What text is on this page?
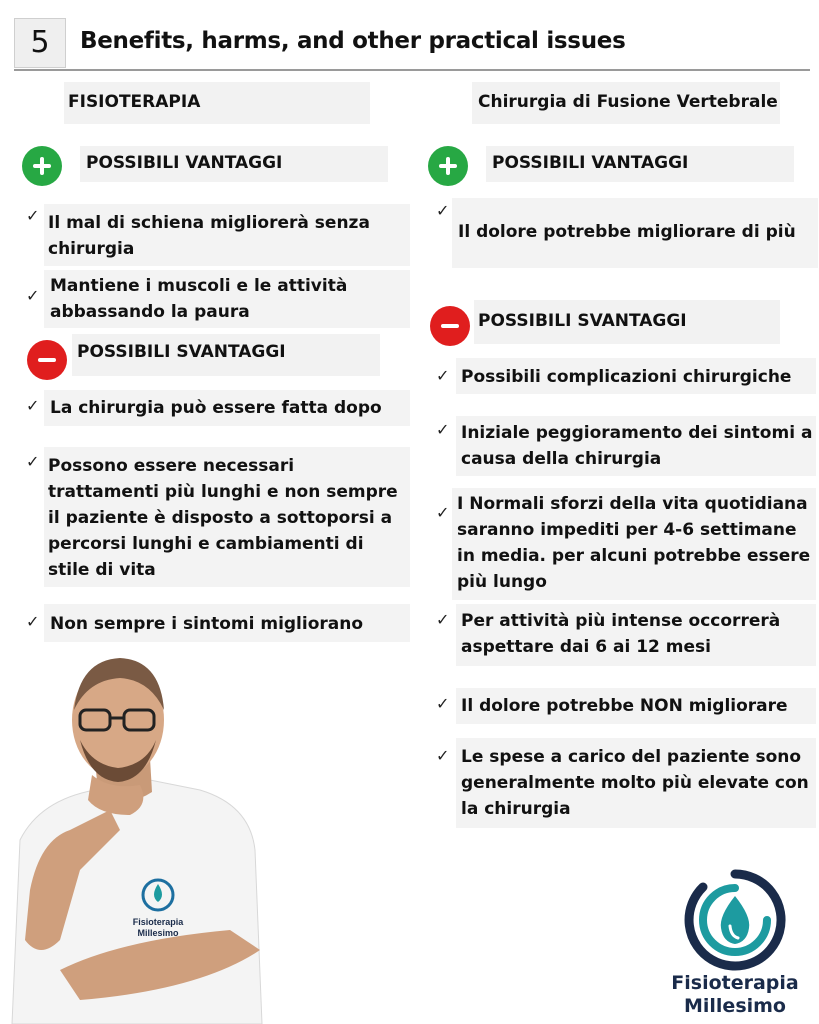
5	Benefits, harms, and other practical issues
FISIOTERAPIA
POSSIBILI VANTAGGI
✓ Il mal di schiena migliorerà senza chirurgia
✓ Mantiene i muscoli e le attività abbassando la paura
POSSIBILI SVANTAGGI
✓ La chirurgia può essere fatta dopo
✓ Possono essere necessari trattamenti più lunghi e non sempre il paziente è disposto a sottoporsi a percorsi lunghi e cambiamenti di stile di vita
✓ Non sempre i sintomi migliorano
Chirurgia di Fusione Vertebrale
POSSIBILI VANTAGGI
✓
Il dolore potrebbe migliorare di più
POSSIBILI SVANTAGGI
✓ Possibili complicazioni chirurgiche
✓ Iniziale peggioramento dei sintomi a causa della chirurgia
✓ I Normali sforzi della vita quotidiana saranno impediti per 4-6 settimane in media. per alcuni potrebbe essere più lungo
✓ Per attività più intense occorrerà aspettare dai 6 ai 12 mesi
✓ Il dolore potrebbe NON migliorare
✓ Le spese a carico del paziente sono generalmente molto più elevate con la chirurgia
Fisioterapia
Millesimo
Fisioterapia
Millesimo
